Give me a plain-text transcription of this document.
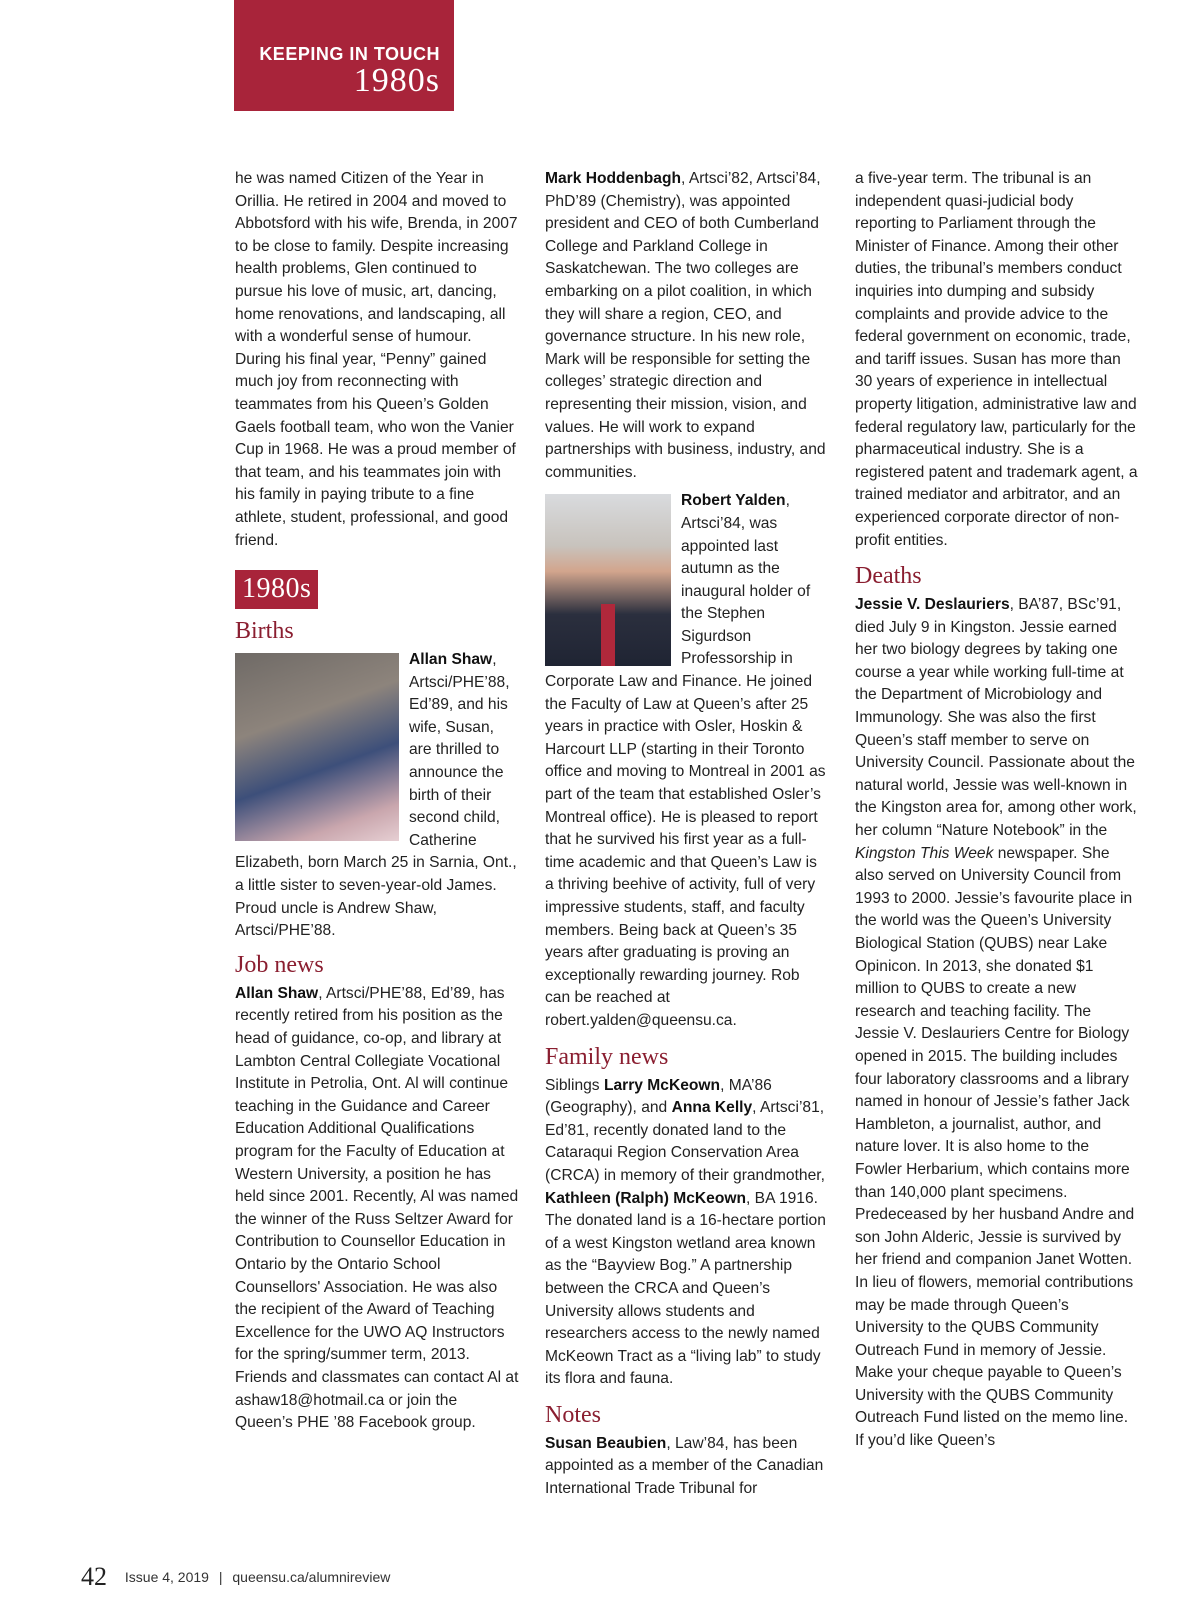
KEEPING IN TOUCH
1980s

he was named Citizen of the Year in Orillia. He retired in 2004 and moved to Abbotsford with his wife, Brenda, in 2007 to be close to family. Despite increasing health problems, Glen continued to pursue his love of music, art, dancing, home renovations, and landscaping, all with a wonderful sense of humour. During his final year, “Penny” gained much joy from reconnecting with teammates from his Queen’s Golden Gaels football team, who won the Vanier Cup in 1968. He was a proud member of that team, and his teammates join with his family in paying tribute to a fine athlete, student, professional, and good friend.

1980s
Births

Allan Shaw, Artsci/PHE’88, Ed’89, and his wife, Susan, are thrilled to announce the birth of their second child, Catherine Elizabeth, born March 25 in Sarnia, Ont., a little sister to seven-year-old James. Proud uncle is Andrew Shaw, Artsci/PHE’88.

Job news

Allan Shaw, Artsci/PHE’88, Ed’89, has recently retired from his position as the head of guidance, co-op, and library at Lambton Central Collegiate Vocational Institute in Petrolia, Ont. Al will continue teaching in the Guidance and Career Education Additional Qualifications program for the Faculty of Education at Western University, a position he has held since 2001. Recently, Al was named the winner of the Russ Seltzer Award for Contribution to Counsellor Education in Ontario by the Ontario School Counsellors' Association. He was also the recipient of the Award of Teaching Excellence for the UWO AQ Instructors for the spring/summer term, 2013. Friends and classmates can contact Al at ashaw18@hotmail.ca or join the Queen’s PHE ’88 Facebook group.

Mark Hoddenbagh, Artsci’82, Artsci’84, PhD’89 (Chemistry), was appointed president and CEO of both Cumberland College and Parkland College in Saskatchewan. The two colleges are embarking on a pilot coalition, in which they will share a region, CEO, and governance structure. In his new role, Mark will be responsible for setting the colleges’ strategic direction and representing their mission, vision, and values. He will work to expand partnerships with business, industry, and communities.

Robert Yalden, Artsci’84, was appointed last autumn as the inaugural holder of the Stephen Sigurdson Professorship in Corporate Law and Finance. He joined the Faculty of Law at Queen’s after 25 years in practice with Osler, Hoskin & Harcourt LLP (starting in their Toronto office and moving to Montreal in 2001 as part of the team that established Osler’s Montreal office). He is pleased to report that he survived his first year as a full-time academic and that Queen’s Law is a thriving beehive of activity, full of very impressive students, staff, and faculty members. Being back at Queen’s 35 years after graduating is proving an exceptionally rewarding journey. Rob can be reached at robert.yalden@queensu.ca.

Family news

Siblings Larry McKeown, MA’86 (Geography), and Anna Kelly, Artsci’81, Ed’81, recently donated land to the Cataraqui Region Conservation Area (CRCA) in memory of their grandmother, Kathleen (Ralph) McKeown, BA 1916. The donated land is a 16-hectare portion of a west Kingston wetland area known as the “Bayview Bog.” A partnership between the CRCA and Queen’s University allows students and researchers access to the newly named McKeown Tract as a “living lab” to study its flora and fauna.

Notes

Susan Beaubien, Law’84, has been appointed as a member of the Canadian International Trade Tribunal for

a five-year term. The tribunal is an independent quasi-judicial body reporting to Parliament through the Minister of Finance. Among their other duties, the tribunal’s members conduct inquiries into dumping and subsidy complaints and provide advice to the federal government on economic, trade, and tariff issues. Susan has more than 30 years of experience in intellectual property litigation, administrative law and federal regulatory law, particularly for the pharmaceutical industry. She is a registered patent and trademark agent, a trained mediator and arbitrator, and an experienced corporate director of non-profit entities.

Deaths

Jessie V. Deslauriers, BA’87, BSc’91, died July 9 in Kingston. Jessie earned her two biology degrees by taking one course a year while working full-time at the Department of Microbiology and Immunology. She was also the first Queen’s staff member to serve on University Council. Passionate about the natural world, Jessie was well-known in the Kingston area for, among other work, her column “Nature Notebook” in the Kingston This Week newspaper. She also served on University Council from 1993 to 2000. Jessie’s favourite place in the world was the Queen’s University Biological Station (QUBS) near Lake Opinicon. In 2013, she donated $1 million to QUBS to create a new research and teaching facility. The Jessie V. Deslauriers Centre for Biology opened in 2015. The building includes four laboratory classrooms and a library named in honour of Jessie’s father Jack Hambleton, a journalist, author, and nature lover. It is also home to the Fowler Herbarium, which contains more than 140,000 plant specimens. Predeceased by her husband Andre and son John Alderic, Jessie is survived by her friend and companion Janet Wotten. In lieu of flowers, memorial contributions may be made through Queen’s University to the QUBS Community Outreach Fund in memory of Jessie. Make your cheque payable to Queen’s University with the QUBS Community Outreach Fund listed on the memo line. If you’d like Queen’s

42 Issue 4, 2019 | queensu.ca/alumnireview
